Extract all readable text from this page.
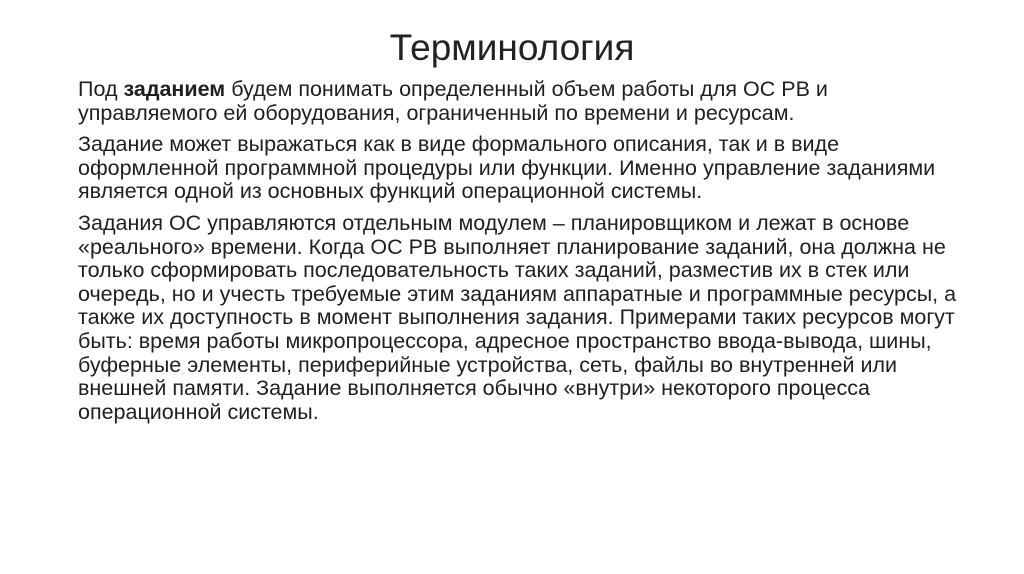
Терминология

Под заданием будем понимать определенный объем работы для ОС РВ и управляемого ей оборудования, ограниченный по времени и ресурсам.

Задание может выражаться как в виде формального описания, так и в виде оформленной программной процедуры или функции. Именно управление заданиями является одной из основных функций операционной системы.

Задания ОС управляются отдельным модулем – планировщиком и лежат в основе «реального» времени. Когда ОС РВ выполняет планирование заданий, она должна не только сформировать последовательность таких заданий, разместив их в стек или очередь, но и учесть требуемые этим заданиям аппаратные и программные ресурсы, а также их доступность в момент выполнения задания. Примерами таких ресурсов могут быть: время работы микропроцессора, адресное пространство ввода-вывода, шины, буферные элементы, периферийные устройства, сеть, файлы во внутренней или внешней памяти. Задание выполняется обычно «внутри» некоторого процесса операционной системы.
